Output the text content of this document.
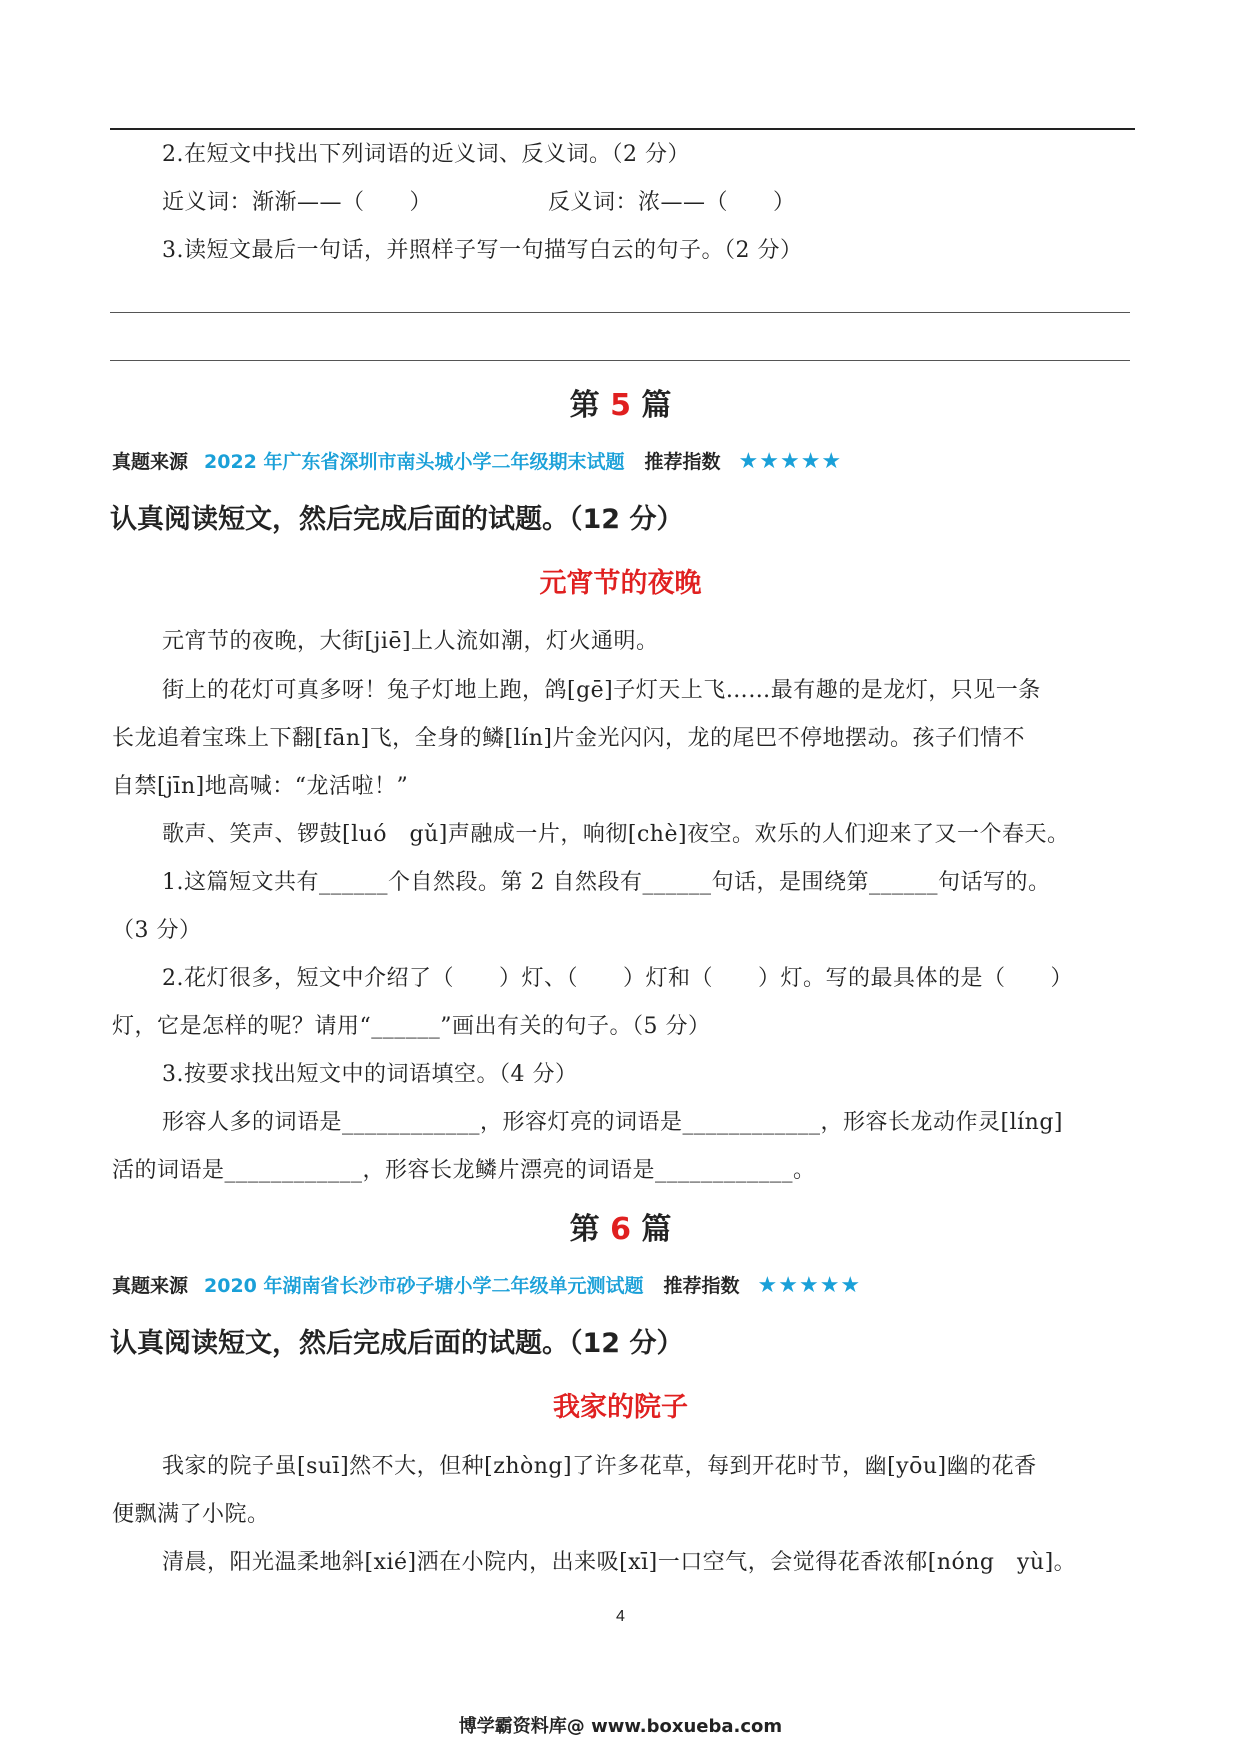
2.在短文中找出下列词语的近义词、反义词。（2 分）
近义词：渐渐——（　　）	反义词：浓——（　　）
3.读短文最后一句话，并照样子写一句描写白云的句子。（2 分）
第 5 篇
真题来源 2022 年广东省深圳市南头城小学二年级期末试题 推荐指数 ★★★★★
认真阅读短文，然后完成后面的试题。（12 分）
元宵节的夜晚
元宵节的夜晚，大街[jiē]上人流如潮，灯火通明。
街上的花灯可真多呀！兔子灯地上跑，鸽[gē]子灯天上飞……最有趣的是龙灯，只见一条
长龙追着宝珠上下翻[fān]飞，全身的鳞[lín]片金光闪闪，龙的尾巴不停地摆动。孩子们情不
自禁[jīn]地高喊：“龙活啦！”
歌声、笑声、锣鼓[luó　gǔ]声融成一片，响彻[chè]夜空。欢乐的人们迎来了又一个春天。
1.这篇短文共有______个自然段。第 2 自然段有______句话，是围绕第______句话写的。
（3 分）
2.花灯很多，短文中介绍了（　　）灯、（　　）灯和（　　）灯。写的最具体的是（　　）
灯，它是怎样的呢？请用“______”画出有关的句子。（5 分）
3.按要求找出短文中的词语填空。（4 分）
形容人多的词语是____________，形容灯亮的词语是____________，形容长龙动作灵[líng]
活的词语是____________，形容长龙鳞片漂亮的词语是____________。
第 6 篇
真题来源 2020 年湖南省长沙市砂子塘小学二年级单元测试题 推荐指数 ★★★★★
认真阅读短文，然后完成后面的试题。（12 分）
我家的院子
我家的院子虽[suī]然不大，但种[zhòng]了许多花草，每到开花时节，幽[yōu]幽的花香
便飘满了小院。
清晨，阳光温柔地斜[xié]洒在小院内，出来吸[xī]一口空气，会觉得花香浓郁[nóng　yù]。
4
博学霸资料库@ www.boxueba.com
